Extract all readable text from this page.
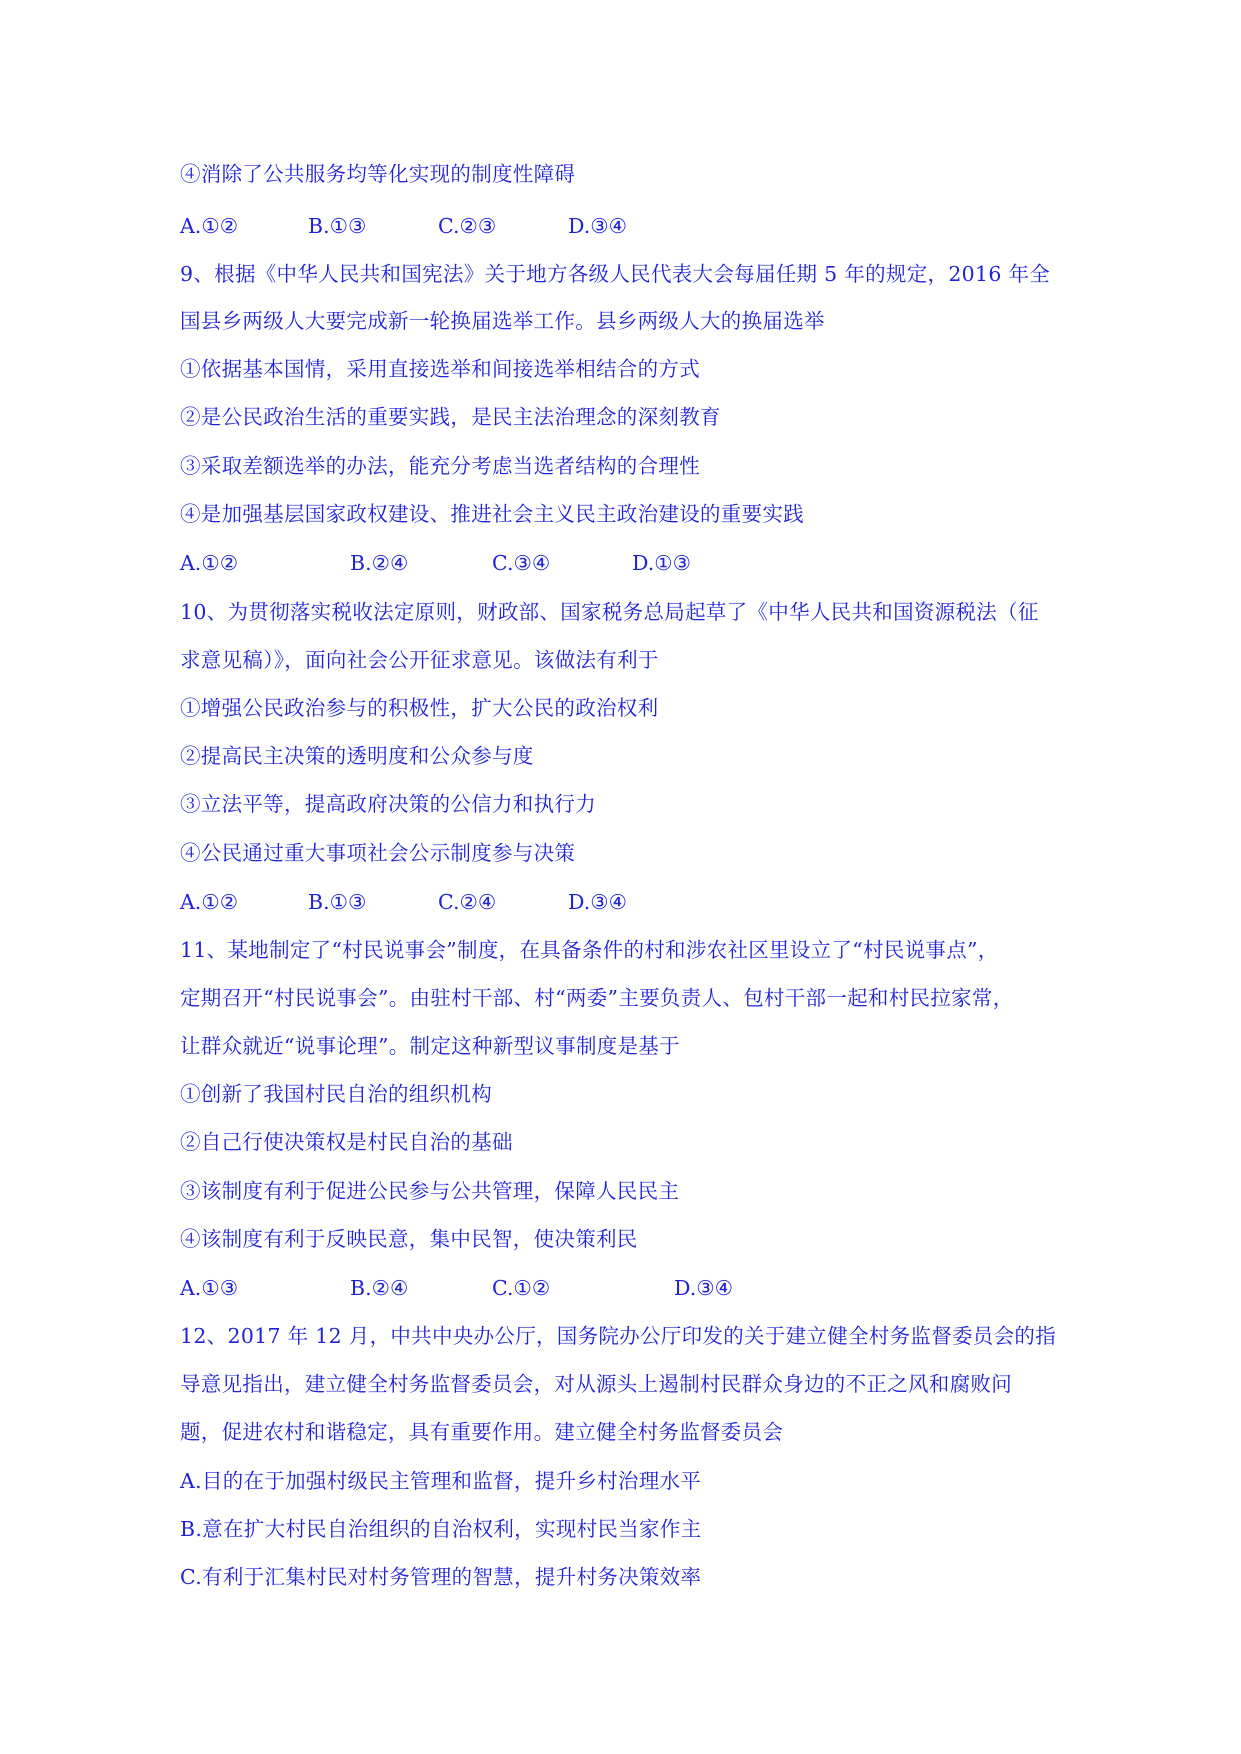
④消除了公共服务均等化实现的制度性障碍
A.①②	B.①③	C.②③	D.③④
9、根据《中华人民共和国宪法》关于地方各级人民代表大会每届任期 5 年的规定，2016 年全
国县乡两级人大要完成新一轮换届选举工作。县乡两级人大的换届选举
①依据基本国情，采用直接选举和间接选举相结合的方式
②是公民政治生活的重要实践，是民主法治理念的深刻教育
③采取差额选举的办法，能充分考虑当选者结构的合理性
④是加强基层国家政权建设、推进社会主义民主政治建设的重要实践
A.①②	B.②④	C.③④	D.①③
10、为贯彻落实税收法定原则，财政部、国家税务总局起草了《中华人民共和国资源税法（征
求意见稿）》，面向社会公开征求意见。该做法有利于
①增强公民政治参与的积极性，扩大公民的政治权利
②提高民主决策的透明度和公众参与度
③立法平等，提高政府决策的公信力和执行力
④公民通过重大事项社会公示制度参与决策
A.①②	B.①③	C.②④	D.③④
11、某地制定了“村民说事会”制度，在具备条件的村和涉农社区里设立了“村民说事点”，
定期召开“村民说事会”。由驻村干部、村“两委”主要负责人、包村干部一起和村民拉家常，
让群众就近“说事论理”。制定这种新型议事制度是基于
①创新了我国村民自治的组织机构
②自己行使决策权是村民自治的基础
③该制度有利于促进公民参与公共管理，保障人民民主
④该制度有利于反映民意，集中民智，使决策利民
A.①③	B.②④	C.①②	D.③④
12、2017 年 12 月，中共中央办公厅，国务院办公厅印发的关于建立健全村务监督委员会的指
导意见指出，建立健全村务监督委员会，对从源头上遏制村民群众身边的不正之风和腐败问
题，促进农村和谐稳定，具有重要作用。建立健全村务监督委员会
A.目的在于加强村级民主管理和监督，提升乡村治理水平
B.意在扩大村民自治组织的自治权利，实现村民当家作主
C.有利于汇集村民对村务管理的智慧，提升村务决策效率
